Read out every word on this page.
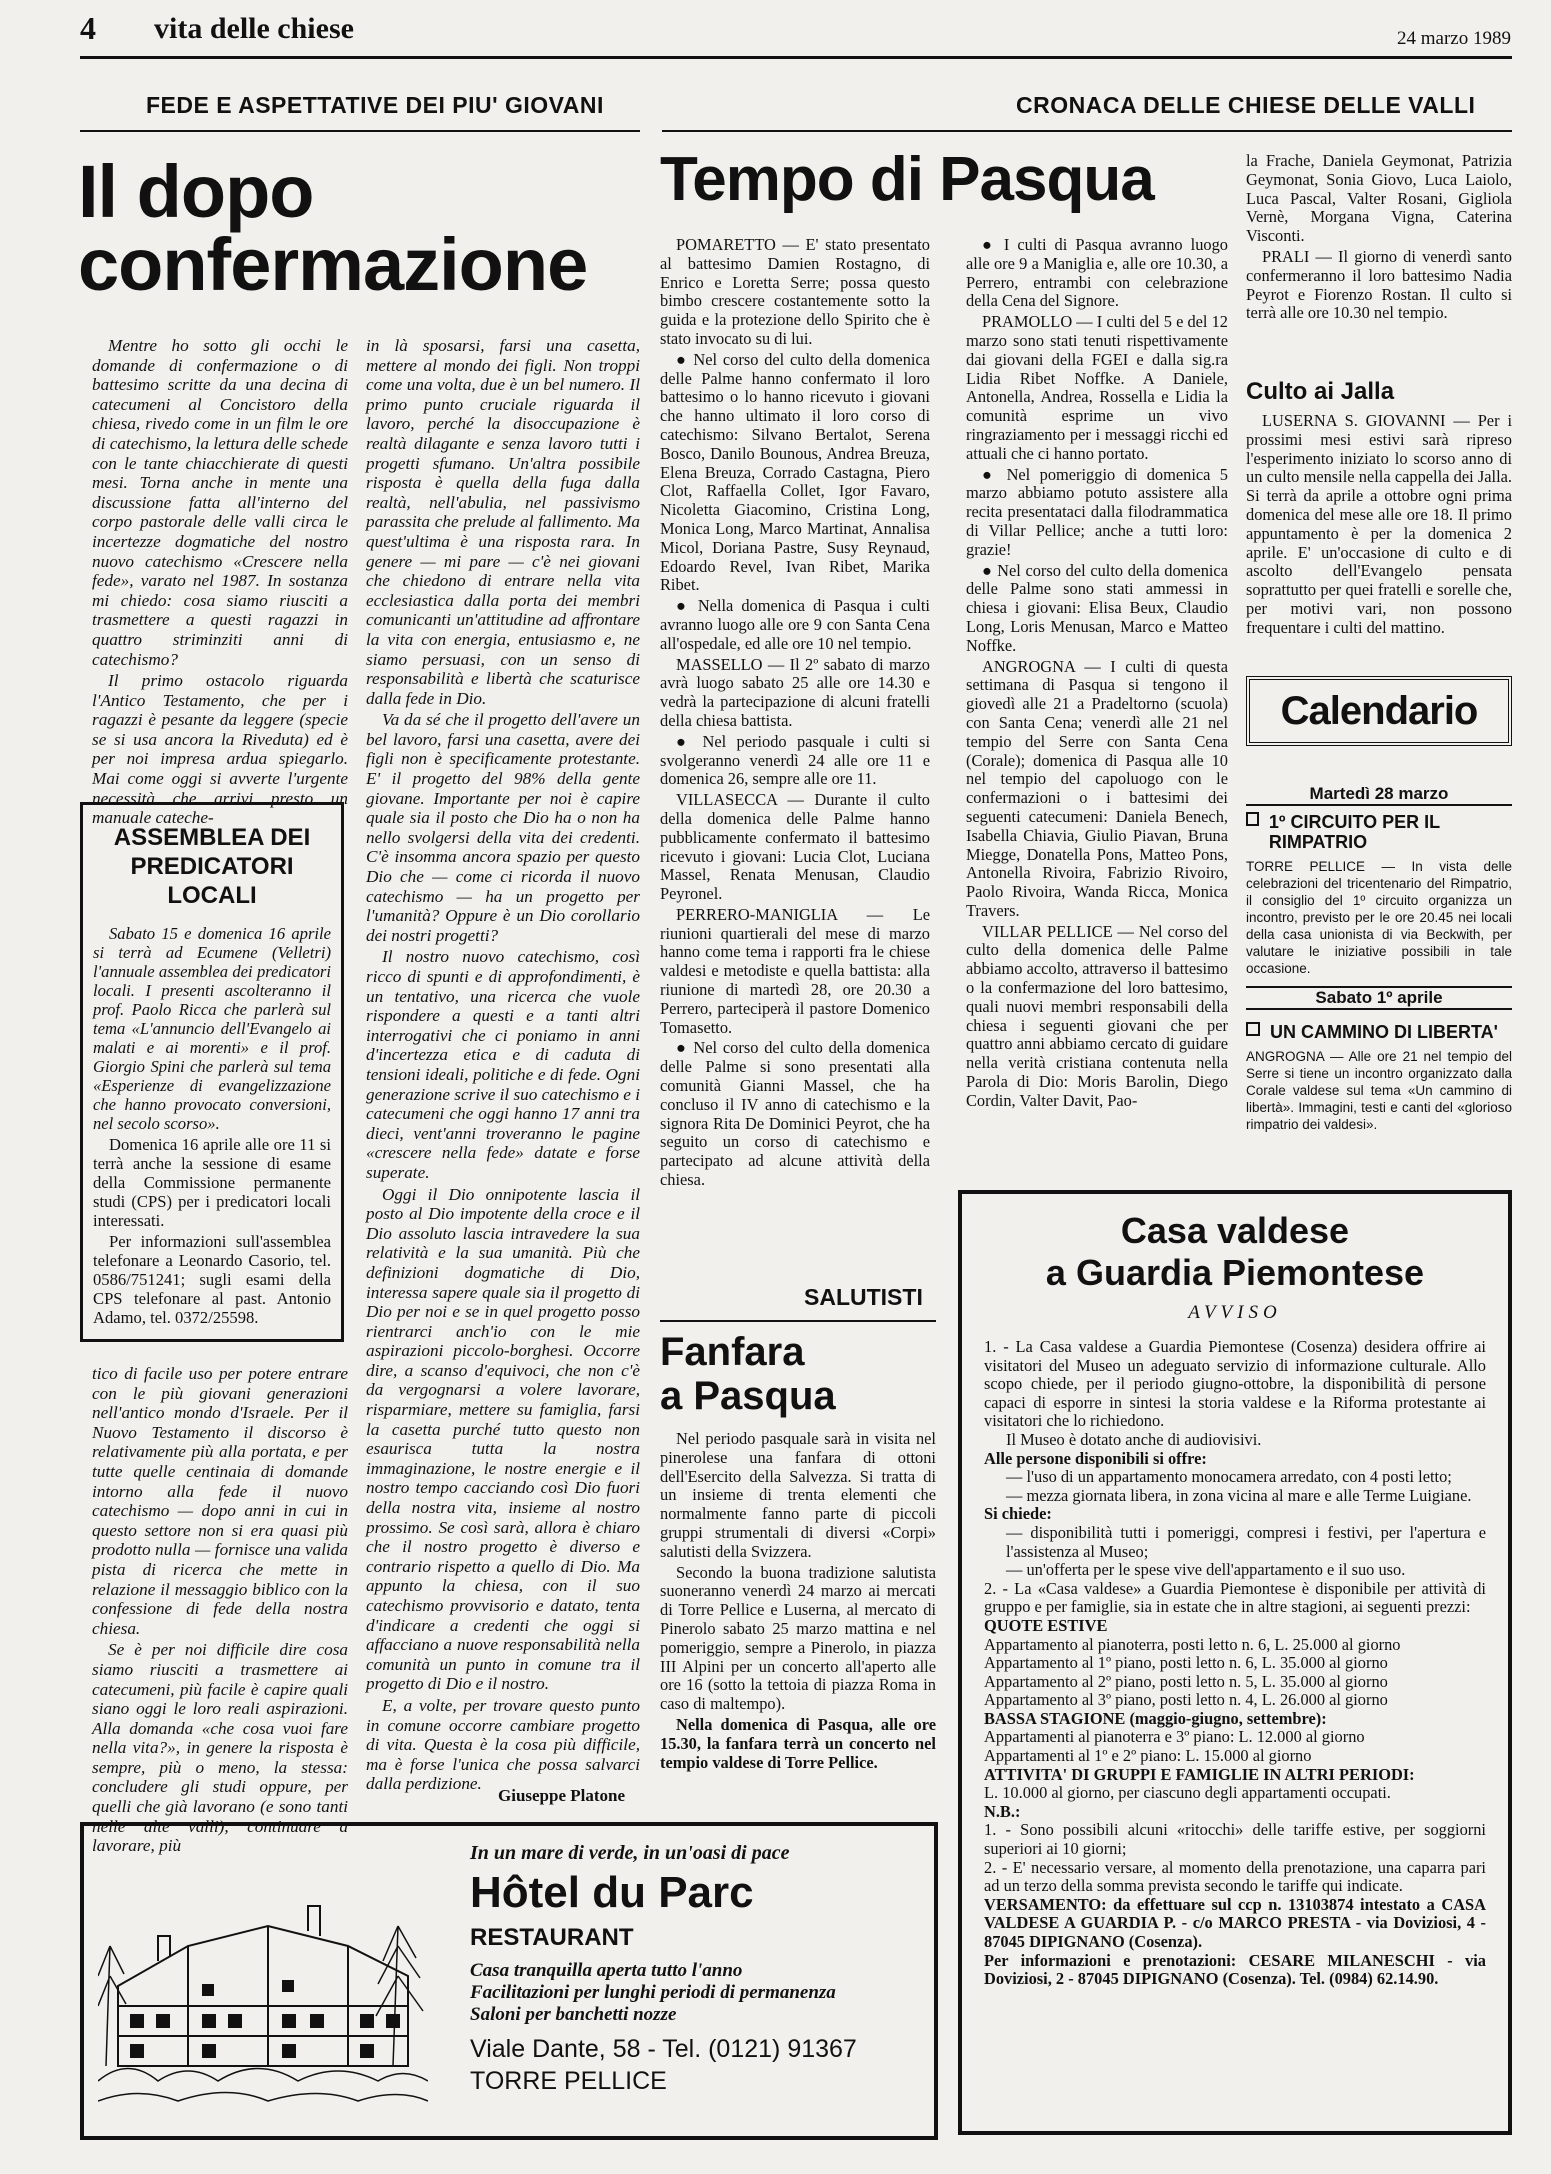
4 vita delle chiese	24 marzo 1989
FEDE E ASPETTATIVE DEI PIU' GIOVANI	CRONACA DELLE CHIESE DELLE VALLI
Il dopo
confermazione

Mentre ho sotto gli occhi le domande di confermazione o di battesimo scritte da una decina di catecumeni al Concistoro della chiesa, rivedo come in un film le ore di catechismo, la lettura delle schede con le tante chiacchierate di questi mesi. Torna anche in mente una discussione fatta all'interno del corpo pastorale delle valli circa le incertezze dogmatiche del nostro nuovo catechismo «Crescere nella fede», varato nel 1987. In sostanza mi chiedo: cosa siamo riusciti a trasmettere a questi ragazzi in quattro striminziti anni di catechismo?

Il primo ostacolo riguarda l'Antico Testamento, che per i ragazzi è pesante da leggere (specie se si usa ancora la Riveduta) ed è per noi impresa ardua spiegarlo. Mai come oggi si avverte l'urgente necessità che arrivi presto un manuale cateche-

ASSEMBLEA DEI PREDICATORI LOCALI

Sabato 15 e domenica 16 aprile si terrà ad Ecumene (Velletri) l'annuale assemblea dei predicatori locali. I presenti ascolteranno il prof. Paolo Ricca che parlerà sul tema «L'annuncio dell'Evangelo ai malati e ai morenti» e il prof. Giorgio Spini che parlerà sul tema «Esperienze di evangelizzazione che hanno provocato conversioni, nel secolo scorso».

Domenica 16 aprile alle ore 11 si terrà anche la sessione di esame della Commissione permanente studi (CPS) per i predicatori locali interessati.

Per informazioni sull'assemblea telefonare a Leonardo Casorio, tel. 0586/751241; sugli esami della CPS telefonare al past. Antonio Adamo, tel. 0372/25598.

tico di facile uso per potere entrare con le più giovani generazioni nell'antico mondo d'Israele. Per il Nuovo Testamento il discorso è relativamente più alla portata, e per tutte quelle centinaia di domande intorno alla fede il nuovo catechismo — dopo anni in cui in questo settore non si era quasi più prodotto nulla — fornisce una valida pista di ricerca che mette in relazione il messaggio biblico con la confessione di fede della nostra chiesa.

Se è per noi difficile dire cosa siamo riusciti a trasmettere ai catecumeni, più facile è capire quali siano oggi le loro reali aspirazioni. Alla domanda «che cosa vuoi fare nella vita?», in genere la risposta è sempre, più o meno, la stessa: concludere gli studi oppure, per quelli che già lavorano (e sono tanti nelle alte valli), continuare a lavorare, più

in là sposarsi, farsi una casetta, mettere al mondo dei figli. Non troppi come una volta, due è un bel numero. Il primo punto cruciale riguarda il lavoro, perché la disoccupazione è realtà dilagante e senza lavoro tutti i progetti sfumano. Un'altra possibile risposta è quella della fuga dalla realtà, nell'abulia, nel passivismo parassita che prelude al fallimento. Ma quest'ultima è una risposta rara. In genere — mi pare — c'è nei giovani che chiedono di entrare nella vita ecclesiastica dalla porta dei membri comunicanti un'attitudine ad affrontare la vita con energia, entusiasmo e, ne siamo persuasi, con un senso di responsabilità e libertà che scaturisce dalla fede in Dio.

Va da sé che il progetto dell'avere un bel lavoro, farsi una casetta, avere dei figli non è specificamente protestante. E' il progetto del 98% della gente giovane. Importante per noi è capire quale sia il posto che Dio ha o non ha nello svolgersi della vita dei credenti. C'è insomma ancora spazio per questo Dio che — come ci ricorda il nuovo catechismo — ha un progetto per l'umanità? Oppure è un Dio corollario dei nostri progetti?

Il nostro nuovo catechismo, così ricco di spunti e di approfondimenti, è un tentativo, una ricerca che vuole rispondere a questi e a tanti altri interrogativi che ci poniamo in anni d'incertezza etica e di caduta di tensioni ideali, politiche e di fede. Ogni generazione scrive il suo catechismo e i catecumeni che oggi hanno 17 anni tra dieci, vent'anni troveranno le pagine «crescere nella fede» datate e forse superate.

Oggi il Dio onnipotente lascia il posto al Dio impotente della croce e il Dio assoluto lascia intravedere la sua relatività e la sua umanità. Più che definizioni dogmatiche di Dio, interessa sapere quale sia il progetto di Dio per noi e se in quel progetto posso rientrarci anch'io con le mie aspirazioni piccolo-borghesi. Occorre dire, a scanso d'equivoci, che non c'è da vergognarsi a volere lavorare, risparmiare, mettere su famiglia, farsi la casetta purché tutto questo non esaurisca tutta la nostra immaginazione, le nostre energie e il nostro tempo cacciando così Dio fuori della nostra vita, insieme al nostro prossimo. Se così sarà, allora è chiaro che il nostro progetto è diverso e contrario rispetto a quello di Dio. Ma appunto la chiesa, con il suo catechismo provvisorio e datato, tenta d'indicare a credenti che oggi si affacciano a nuove responsabilità nella comunità un punto in comune tra il progetto di Dio e il nostro.

E, a volte, per trovare questo punto in comune occorre cambiare progetto di vita. Questa è la cosa più difficile, ma è forse l'unica che possa salvarci dalla perdizione.

Giuseppe Platone
Tempo di Pasqua

POMARETTO — E' stato presentato al battesimo Damien Rostagno, di Enrico e Loretta Serre; possa questo bimbo crescere costantemente sotto la guida e la protezione dello Spirito che è stato invocato su di lui.

● Nel corso del culto della domenica delle Palme hanno confermato il loro battesimo o lo hanno ricevuto i giovani che hanno ultimato il loro corso di catechismo: Silvano Bertalot, Serena Bosco, Danilo Bounous, Andrea Breuza, Elena Breuza, Corrado Castagna, Piero Clot, Raffaella Collet, Igor Favaro, Nicoletta Giacomino, Cristina Long, Monica Long, Marco Martinat, Annalisa Micol, Doriana Pastre, Susy Reynaud, Edoardo Revel, Ivan Ribet, Marika Ribet.

● Nella domenica di Pasqua i culti avranno luogo alle ore 9 con Santa Cena all'ospedale, ed alle ore 10 nel tempio.

MASSELLO — Il 2º sabato di marzo avrà luogo sabato 25 alle ore 14.30 e vedrà la partecipazione di alcuni fratelli della chiesa battista.

● Nel periodo pasquale i culti si svolgeranno venerdì 24 alle ore 11 e domenica 26, sempre alle ore 11.

VILLASECCA — Durante il culto della domenica delle Palme hanno pubblicamente confermato il battesimo ricevuto i giovani: Lucia Clot, Luciana Massel, Renata Menusan, Claudio Peyronel.

PERRERO-MANIGLIA — Le riunioni quartierali del mese di marzo hanno come tema i rapporti fra le chiese valdesi e metodiste e quella battista: alla riunione di martedì 28, ore 20.30 a Perrero, parteciperà il pastore Domenico Tomasetto.

● Nel corso del culto della domenica delle Palme si sono presentati alla comunità Gianni Massel, che ha concluso il IV anno di catechismo e la signora Rita De Dominici Peyrot, che ha seguito un corso di catechismo e partecipato ad alcune attività della chiesa.

● I culti di Pasqua avranno luogo alle ore 9 a Maniglia e, alle ore 10.30, a Perrero, entrambi con celebrazione della Cena del Signore.

PRAMOLLO — I culti del 5 e del 12 marzo sono stati tenuti rispettivamente dai giovani della FGEI e dalla sig.ra Lidia Ribet Noffke. A Daniele, Antonella, Andrea, Rossella e Lidia la comunità esprime un vivo ringraziamento per i messaggi ricchi ed attuali che ci hanno portato.

● Nel pomeriggio di domenica 5 marzo abbiamo potuto assistere alla recita presentataci dalla filodrammatica di Villar Pellice; anche a tutti loro: grazie!

● Nel corso del culto della domenica delle Palme sono stati ammessi in chiesa i giovani: Elisa Beux, Claudio Long, Loris Menusan, Marco e Matteo Noffke.

ANGROGNA — I culti di questa settimana di Pasqua si tengono il giovedì alle 21 a Pradeltorno (scuola) con Santa Cena; venerdì alle 21 nel tempio del Serre con Santa Cena (Corale); domenica di Pasqua alle 10 nel tempio del capoluogo con le confermazioni o i battesimi dei seguenti catecumeni: Daniela Benech, Isabella Chiavia, Giulio Piavan, Bruna Miegge, Donatella Pons, Matteo Pons, Antonella Rivoira, Fabrizio Rivoiro, Paolo Rivoira, Wanda Ricca, Monica Travers.

VILLAR PELLICE — Nel corso del culto della domenica delle Palme abbiamo accolto, attraverso il battesimo o la confermazione del loro battesimo, quali nuovi membri responsabili della chiesa i seguenti giovani che per quattro anni abbiamo cercato di guidare nella verità cristiana contenuta nella Parola di Dio: Moris Barolin, Diego Cordin, Valter Davit, Pao-

la Frache, Daniela Geymonat, Patrizia Geymonat, Sonia Giovo, Luca Laiolo, Luca Pascal, Valter Rosani, Gigliola Vernè, Morgana Vigna, Caterina Visconti.

PRALI — Il giorno di venerdì santo confermeranno il loro battesimo Nadia Peyrot e Fiorenzo Rostan. Il culto si terrà alle ore 10.30 nel tempio.

Culto ai Jalla

LUSERNA S. GIOVANNI — Per i prossimi mesi estivi sarà ripreso l'esperimento iniziato lo scorso anno di un culto mensile nella cappella dei Jalla. Si terrà da aprile a ottobre ogni prima domenica del mese alle ore 18. Il primo appuntamento è per la domenica 2 aprile. E' un'occasione di culto e di ascolto dell'Evangelo pensata soprattutto per quei fratelli e sorelle che, per motivi vari, non possono frequentare i culti del mattino.

Calendario
Martedì 28 marzo
1º CIRCUITO PER IL RIMPATRIO
TORRE PELLICE — In vista delle celebrazioni del tricentenario del Rimpatrio, il consiglio del 1º circuito organizza un incontro, previsto per le ore 20.45 nei locali della casa unionista di via Beckwith, per valutare le iniziative possibili in tale occasione.
Sabato 1º aprile
UN CAMMINO DI LIBERTA'
ANGROGNA — Alle ore 21 nel tempio del Serre si tiene un incontro organizzato dalla Corale valdese sul tema «Un cammino di libertà». Immagini, testi e canti del «glorioso rimpatrio dei valdesi».
SALUTISTI
Fanfara
a Pasqua

Nel periodo pasquale sarà in visita nel pinerolese una fanfara di ottoni dell'Esercito della Salvezza. Si tratta di un insieme di trenta elementi che normalmente fanno parte di piccoli gruppi strumentali di diversi «Corpi» salutisti della Svizzera.

Secondo la buona tradizione salutista suoneranno venerdì 24 marzo ai mercati di Torre Pellice e Luserna, al mercato di Pinerolo sabato 25 marzo mattina e nel pomeriggio, sempre a Pinerolo, in piazza III Alpini per un concerto all'aperto alle ore 16 (sotto la tettoia di piazza Roma in caso di maltempo).

Nella domenica di Pasqua, alle ore 15.30, la fanfara terrà un concerto nel tempio valdese di Torre Pellice.

Casa valdese
a Guardia Piemontese
AVVISO

1. - La Casa valdese a Guardia Piemontese (Cosenza) desidera offrire ai visitatori del Museo un adeguato servizio di informazione culturale. Allo scopo chiede, per il periodo giugno-ottobre, la disponibilità di persone capaci di esporre in sintesi la storia valdese e la Riforma protestante ai visitatori che lo richiedono.

Il Museo è dotato anche di audiovisivi.

Alle persone disponibili si offre:

— l'uso di un appartamento monocamera arredato, con 4 posti letto;

— mezza giornata libera, in zona vicina al mare e alle Terme Luigiane.

Si chiede:

— disponibilità tutti i pomeriggi, compresi i festivi, per l'apertura e l'assistenza al Museo;

— un'offerta per le spese vive dell'appartamento e il suo uso.

2. - La «Casa valdese» a Guardia Piemontese è disponibile per attività di gruppo e per famiglie, sia in estate che in altre stagioni, ai seguenti prezzi:

QUOTE ESTIVE

Appartamento al pianoterra, posti letto n. 6, L. 25.000 al giorno

Appartamento al 1º piano, posti letto n. 6, L. 35.000 al giorno

Appartamento al 2º piano, posti letto n. 5, L. 35.000 al giorno

Appartamento al 3º piano, posti letto n. 4, L. 26.000 al giorno

BASSA STAGIONE (maggio-giugno, settembre):

Appartamenti al pianoterra e 3º piano: L. 12.000 al giorno

Appartamenti al 1º e 2º piano: L. 15.000 al giorno

ATTIVITA' DI GRUPPI E FAMIGLIE IN ALTRI PERIODI:

L. 10.000 al giorno, per ciascuno degli appartamenti occupati.

N.B.:

1. - Sono possibili alcuni «ritocchi» delle tariffe estive, per soggiorni superiori ai 10 giorni;

2. - E' necessario versare, al momento della prenotazione, una caparra pari ad un terzo della somma prevista secondo le tariffe qui indicate.

VERSAMENTO: da effettuare sul ccp n. 13103874 intestato a CASA VALDESE A GUARDIA P. - c/o MARCO PRESTA - via Doviziosi, 4 - 87045 DIPIGNANO (Cosenza).

Per informazioni e prenotazioni: CESARE MILANESCHI - via Doviziosi, 2 - 87045 DIPIGNANO (Cosenza). Tel. (0984) 62.14.90.

In un mare di verde, in un'oasi di pace
Hôtel du Parc
RESTAURANT
Casa tranquilla aperta tutto l'anno
Facilitazioni per lunghi periodi di permanenza
Saloni per banchetti nozze
Viale Dante, 58 - Tel. (0121) 91367
TORRE PELLICE
